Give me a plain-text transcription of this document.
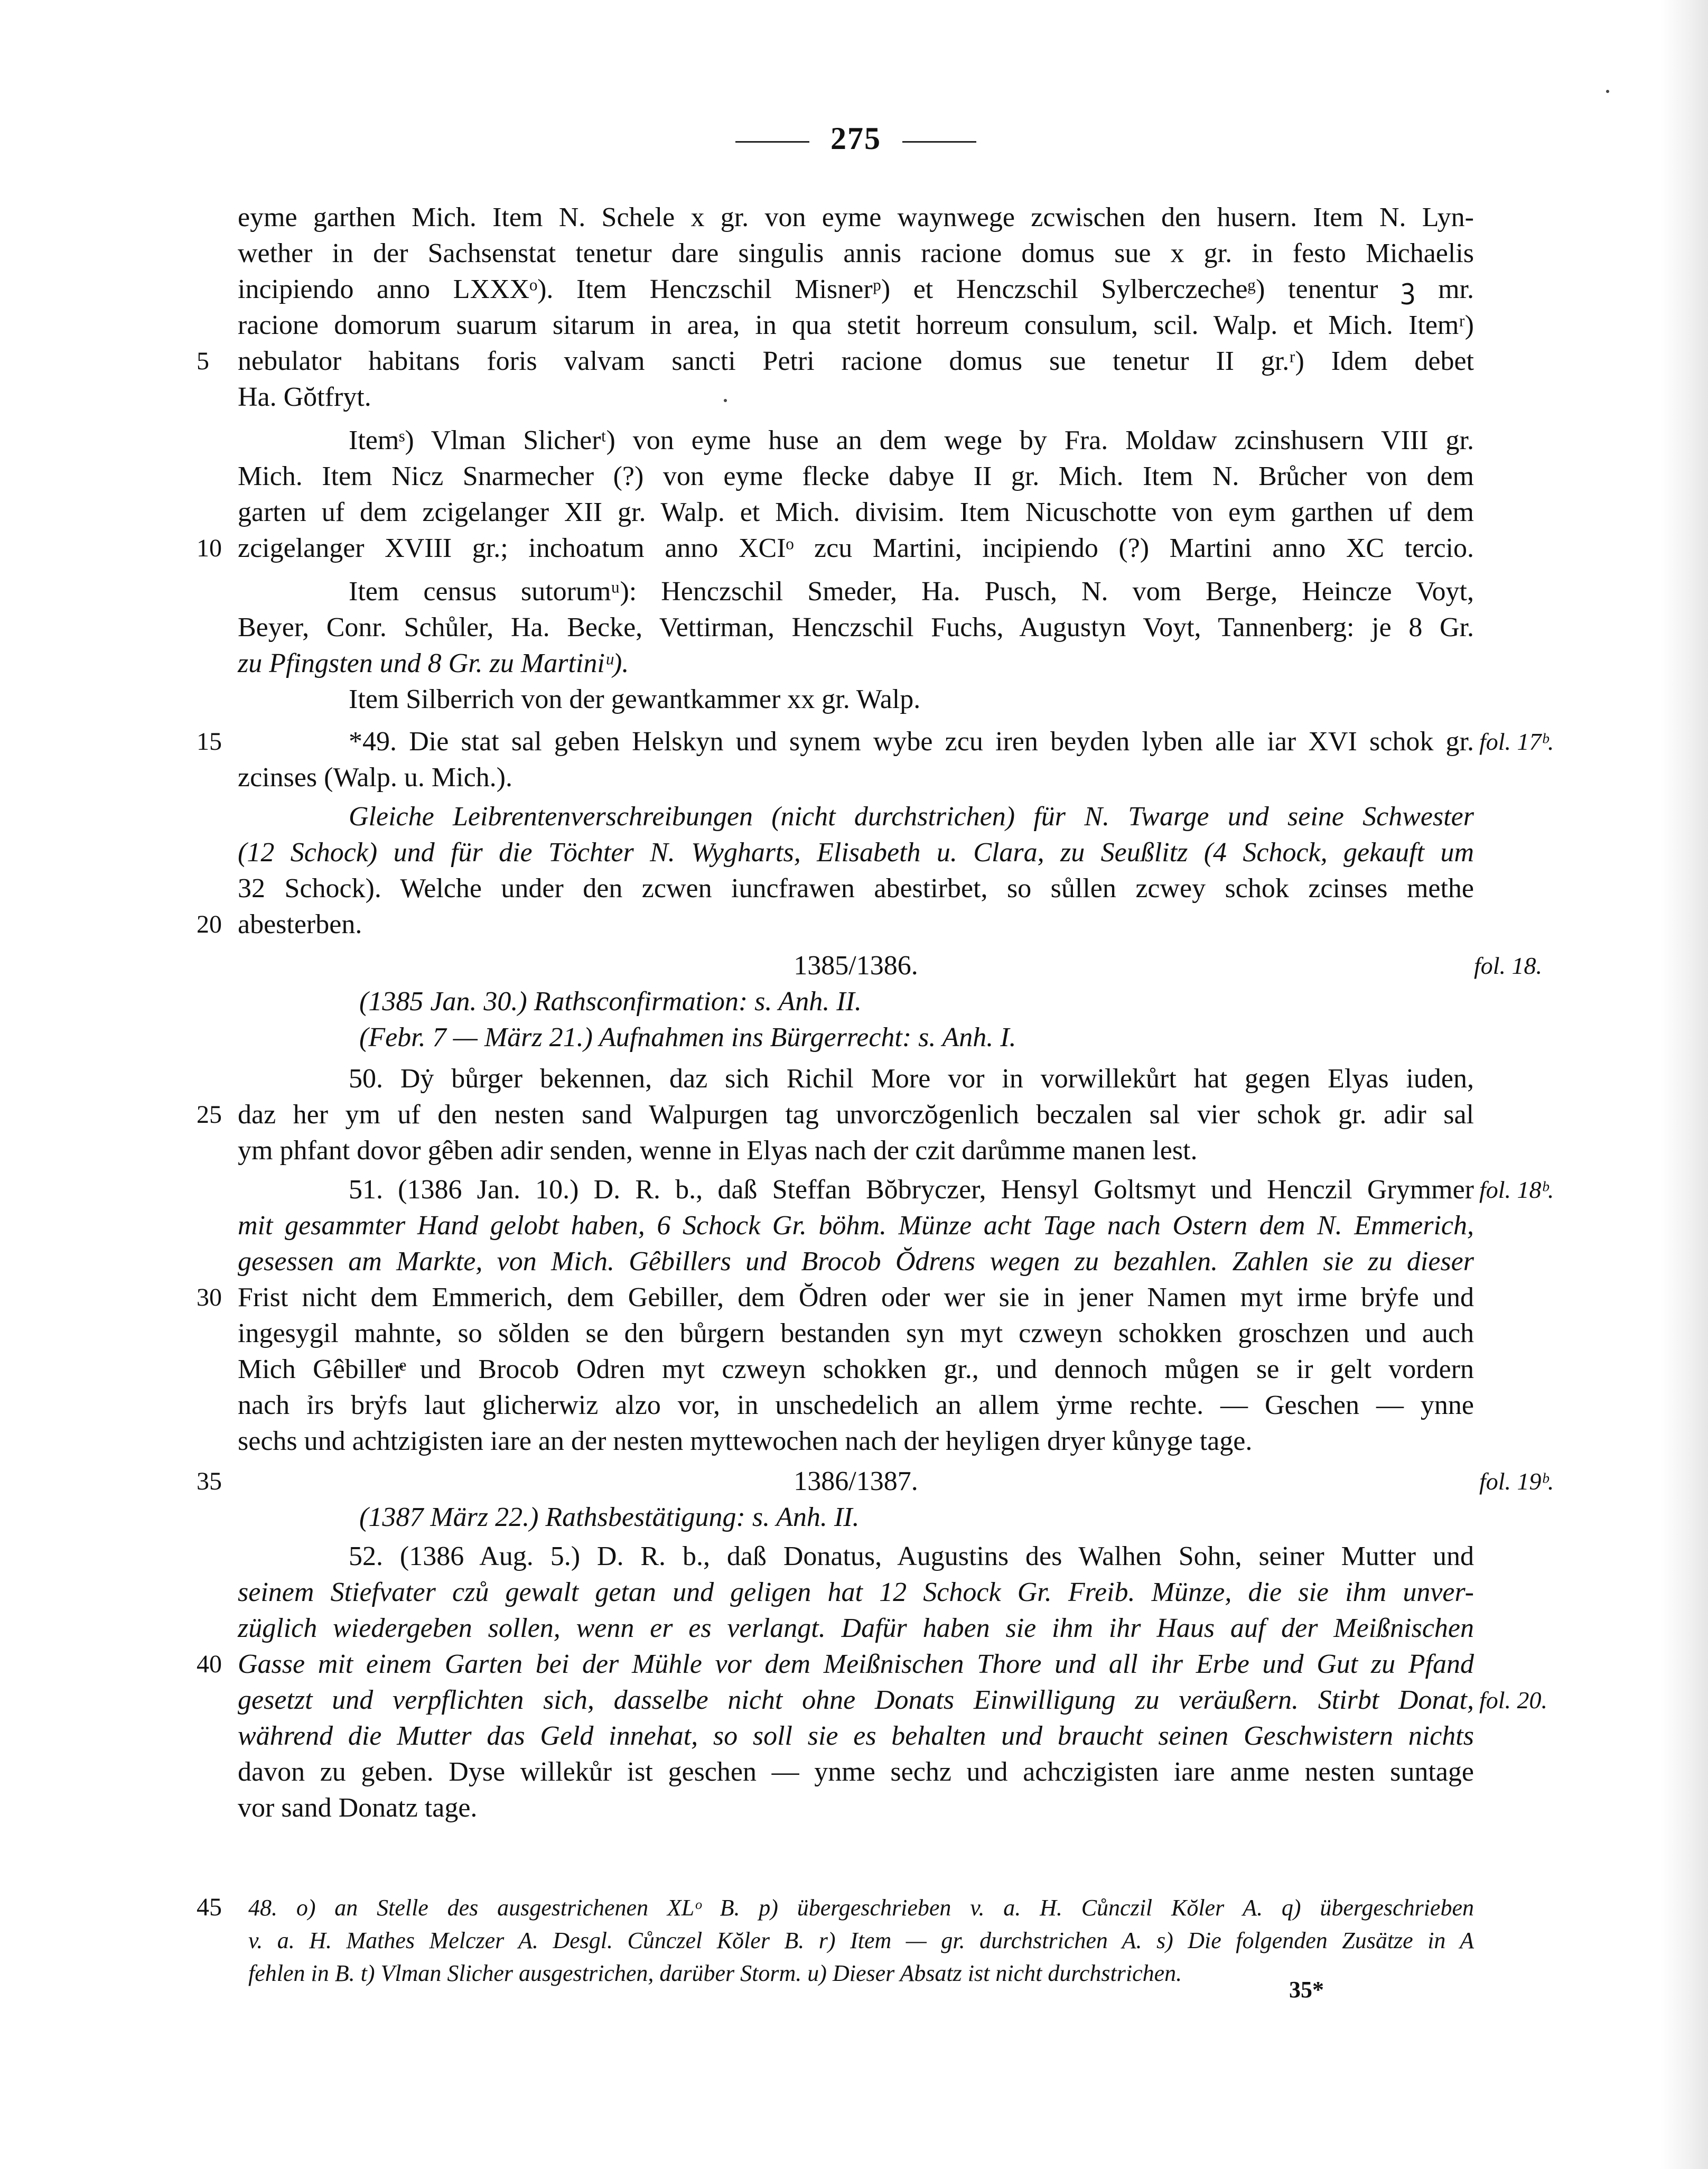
275
eyme garthen Mich. Item N. Schele x gr. von eyme waynwege zcwischen den husern. Item N. Lyn-
wether in der Sachsenstat tenetur dare singulis annis racione domus sue x gr. in festo Michaelis
incipiendo anno LXXXᵒ). Item Henczschil Misnerᵖ) et Henczschil Sylberczecheᵍ) tenentur ꝫ mr.
racione domorum suarum sitarum in area, in qua stetit horreum consulum, scil. Walp. et Mich. Itemʳ)
nebulator habitans foris valvam sancti Petri racione domus sue tenetur II gr.ʳ) Idem debet
Ha. Gŏtfryt.
Itemˢ) Vlman Slicherᵗ) von eyme huse an dem wege by Fra. Moldaw zcinshusern VIII gr.
Mich. Item Nicz Snarmecher (?) von eyme flecke dabye II gr. Mich. Item N. Brůcher von dem
garten uf dem zcigelanger XII gr. Walp. et Mich. divisim. Item Nicuschotte von eym garthen uf dem
zcigelanger XVIII gr.; inchoatum anno XCIᵒ zcu Martini, incipiendo (?) Martini anno XC tercio.
Item census sutorumᵘ): Henczschil Smeder, Ha. Pusch, N. vom Berge, Heincze Voyt,
Beyer, Conr. Schůler, Ha. Becke, Vettirman, Henczschil Fuchs, Augustyn Voyt, Tannenberg: je 8 Gr.
zu Pfingsten und 8 Gr. zu Martiniᵘ).
Item Silberrich von der gewantkammer xx gr. Walp.
*49. Die stat sal geben Helskyn und synem wybe zcu iren beyden lyben alle iar XVI schok gr.
zcinses (Walp. u. Mich.).
Gleiche Leibrentenverschreibungen (nicht durchstrichen) für N. Twarge und seine Schwester
(12 Schock) und für die Töchter N. Wygharts, Elisabeth u. Clara, zu Seußlitz (4 Schock, gekauft um
32 Schock). Welche under den zcwen iuncfrawen abestirbet, so sůllen zcwey schok zcinses methe
abesterben.
1385/1386.
(1385 Jan. 30.) Rathsconfirmation: s. Anh. II.
(Febr. 7 — März 21.) Aufnahmen ins Bürgerrecht: s. Anh. I.
50. Dẏ bůrger bekennen, daz sich Richil More vor in vorwillekůrt hat gegen Elyas iuden,
daz her ym uf den nesten sand Walpurgen tag unvorczŏgenlich beczalen sal vier schok gr. adir sal
ym phfant dovor gêben adir senden, wenne in Elyas nach der czit darůmme manen lest.
51. (1386 Jan. 10.) D. R. b., daß Steffan Bŏbryczer, Hensyl Goltsmyt und Henczil Grymmer
mit gesammter Hand gelobt haben, 6 Schock Gr. böhm. Münze acht Tage nach Ostern dem N. Emmerich,
gesessen am Markte, von Mich. Gêbillers und Brocob Ŏdrens wegen zu bezahlen. Zahlen sie zu dieser
Frist nicht dem Emmerich, dem Gebiller, dem Ŏdren oder wer sie in jener Namen myt irme brẏfe und
ingesygil mahnte, so sŏlden se den bůrgern bestanden syn myt czweyn schokken groschzen und auch
Mich Gêbillerͤ und Brocob Odren myt czweyn schokken gr., und dennoch můgen se ir gelt vordern
nach ỉrs brẏfs laut glicherwiz alzo vor, in unschedelich an allem ẏrme rechte. — Geschen — ynne
sechs und achtzigisten iare an der nesten myttewochen nach der heyligen dryer kůnyge tage.
1386/1387.
(1387 März 22.) Rathsbestätigung: s. Anh. II.
52. (1386 Aug. 5.) D. R. b., daß Donatus, Augustins des Walhen Sohn, seiner Mutter und
seinem Stiefvater czů gewalt getan und geligen hat 12 Schock Gr. Freib. Münze, die sie ihm unver-
züglich wiedergeben sollen, wenn er es verlangt. Dafür haben sie ihm ihr Haus auf der Meißnischen
Gasse mit einem Garten bei der Mühle vor dem Meißnischen Thore und all ihr Erbe und Gut zu Pfand
gesetzt und verpflichten sich, dasselbe nicht ohne Donats Einwilligung zu veräußern. Stirbt Donat,
während die Mutter das Geld innehat, so soll sie es behalten und braucht seinen Geschwistern nichts
davon zu geben. Dyse willekůr ist geschen — ynme sechz und achczigisten iare anme nesten suntage
vor sand Donatz tage.
5
10
15
20
25
30
35
40
45
fol. 17ᵇ.
fol. 18.
fol. 18ᵇ.
fol. 19ᵇ.
fol. 20.
48. o) an Stelle des ausgestrichenen XLᵒ B. p) übergeschrieben v. a. H. Cůnczil Kŏler A. q) übergeschrieben
v. a. H. Mathes Melczer A. Desgl. Cůnczel Kŏler B. r) Item — gr. durchstrichen A. s) Die folgenden Zusätze in A
fehlen in B. t) Vlman Slicher ausgestrichen, darüber Storm. u) Dieser Absatz ist nicht durchstrichen.
35*
